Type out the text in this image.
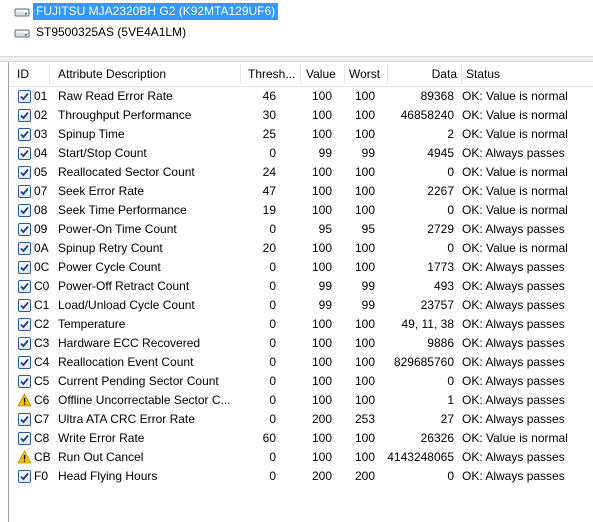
FUJITSU MJA2320BH G2 (K92MTA129UF6)
ST9500325AS (5VE4A1LM)
ID	Attribute Description	Thresh... Value	Worst	Data Status
01 Raw Read Error Rate	46	100	100	89368 OK: Value is normal
02 Throughput Performance	30	100	100	46858240 OK: Value is normal
03 Spinup Time	25	100	100	2 OK: Value is normal
04 Start/Stop Count	0	99	99	4945 OK: Always passes
05 Reallocated Sector Count	24	100	100	0 OK: Value is normal
07 Seek Error Rate	47	100	100	2267 OK: Value is normal
08 Seek Time Performance	19	100	100	0 OK: Value is normal
09 Power-On Time Count	0	95	95	2729 OK: Always passes
0A Spinup Retry Count	20	100	100	0 OK: Value is normal
0C Power Cycle Count	0	100	100	1773 OK: Always passes
C0 Power-Off Retract Count	0	99	99	493 OK: Always passes
C1 Load/Unload Cycle Count	0	99	99	23757 OK: Always passes
C2 Temperature	0	100	100	49, 11, 38 OK: Always passes
C3 Hardware ECC Recovered	0	100	100	9886 OK: Always passes
C4 Reallocation Event Count	0	100	100	829685760 OK: Always passes
C5 Current Pending Sector Count	0	100	100	0 OK: Always passes
C6 Offline Uncorrectable Sector C...	0	100	100	1 OK: Always passes
C7 Ultra ATA CRC Error Rate	0	200	253	27 OK: Always passes
C8 Write Error Rate	60	100	100	26326 OK: Value is normal
CB Run Out Cancel	0	100	100	4143248065 OK: Always passes
F0 Head Flying Hours	0	200	200	0 OK: Always passes
